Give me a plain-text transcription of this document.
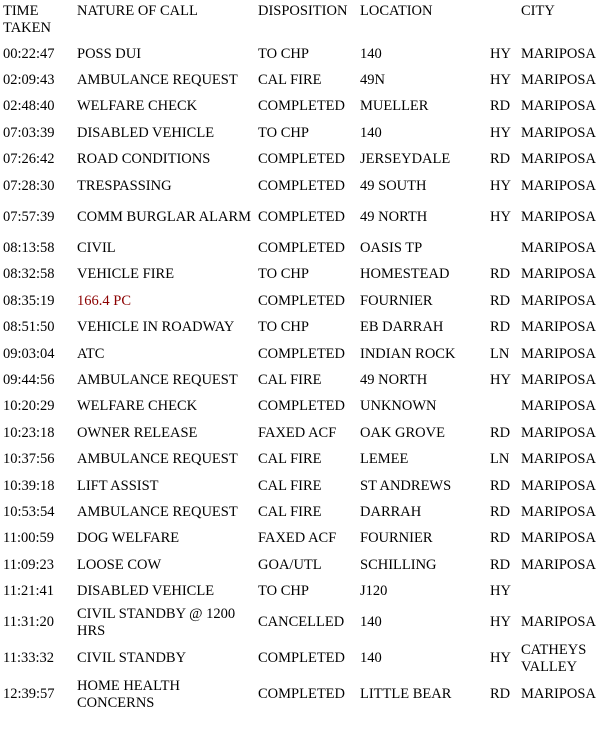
TIME TAKEN	NATURE OF CALL	DISPOSITION	LOCATION		CITY
00:22:47	POSS DUI	TO CHP	140	HY	MARIPOSA
02:09:43	AMBULANCE REQUEST	CAL FIRE	49N	HY	MARIPOSA
02:48:40	WELFARE CHECK	COMPLETED	MUELLER	RD	MARIPOSA
07:03:39	DISABLED VEHICLE	TO CHP	140	HY	MARIPOSA
07:26:42	ROAD CONDITIONS	COMPLETED	JERSEYDALE	RD	MARIPOSA
07:28:30	TRESPASSING	COMPLETED	49 SOUTH	HY	MARIPOSA
07:57:39	COMM BURGLAR ALARM	COMPLETED	49 NORTH	HY	MARIPOSA
08:13:58	CIVIL	COMPLETED	OASIS TP		MARIPOSA
08:32:58	VEHICLE FIRE	TO CHP	HOMESTEAD	RD	MARIPOSA
08:35:19	166.4 PC	COMPLETED	FOURNIER	RD	MARIPOSA
08:51:50	VEHICLE IN ROADWAY	TO CHP	EB DARRAH	RD	MARIPOSA
09:03:04	ATC	COMPLETED	INDIAN ROCK	LN	MARIPOSA
09:44:56	AMBULANCE REQUEST	CAL FIRE	49 NORTH	HY	MARIPOSA
10:20:29	WELFARE CHECK	COMPLETED	UNKNOWN		MARIPOSA
10:23:18	OWNER RELEASE	FAXED ACF	OAK GROVE	RD	MARIPOSA
10:37:56	AMBULANCE REQUEST	CAL FIRE	LEMEE	LN	MARIPOSA
10:39:18	LIFT ASSIST	CAL FIRE	ST ANDREWS	RD	MARIPOSA
10:53:54	AMBULANCE REQUEST	CAL FIRE	DARRAH	RD	MARIPOSA
11:00:59	DOG WELFARE	FAXED ACF	FOURNIER	RD	MARIPOSA
11:09:23	LOOSE COW	GOA/UTL	SCHILLING	RD	MARIPOSA
11:21:41	DISABLED VEHICLE	TO CHP	J120	HY	
11:31:20	CIVIL STANDBY @ 1200 HRS	CANCELLED	140	HY	MARIPOSA
11:33:32	CIVIL STANDBY	COMPLETED	140	HY	CATHEYS VALLEY
12:39:57	HOME HEALTH CONCERNS	COMPLETED	LITTLE BEAR	RD	MARIPOSA
